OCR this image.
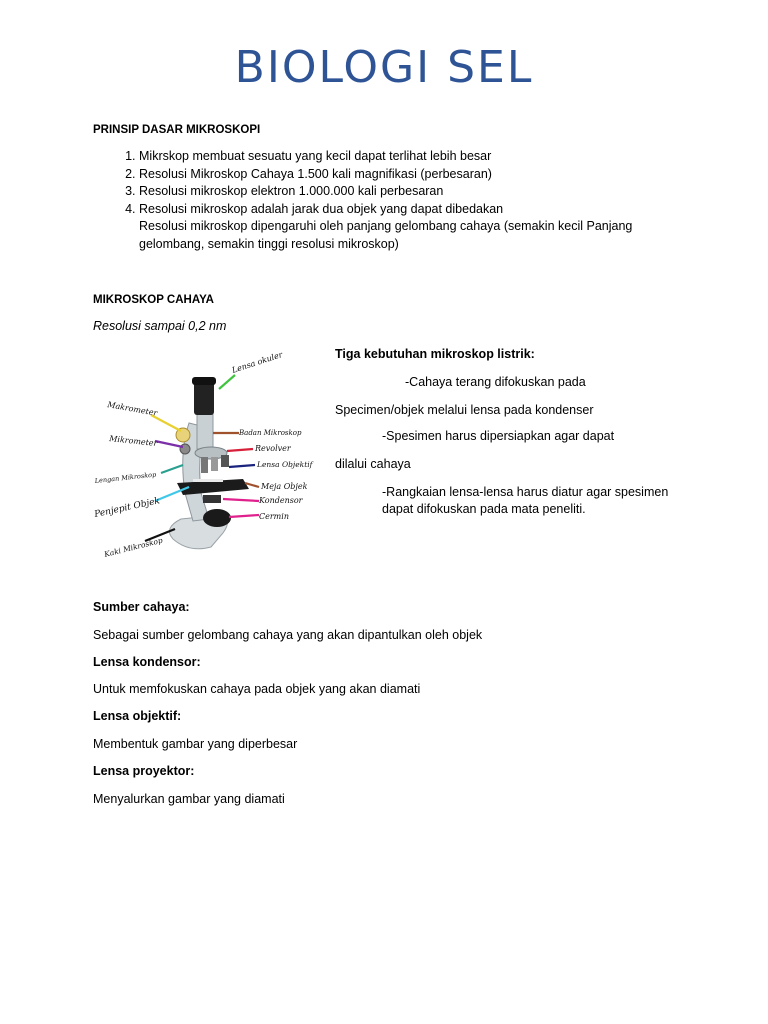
BIOLOGI SEL
PRINSIP DASAR MIKROSKOPI
1. Mikrskop membuat sesuatu yang kecil dapat terlihat lebih besar
2. Resolusi Mikroskop Cahaya 1.500 kali magnifikasi (perbesaran)
3. Resolusi mikroskop elektron 1.000.000 kali perbesaran
4. Resolusi mikroskop adalah jarak dua objek yang dapat dibedakan
Resolusi mikroskop dipengaruhi oleh panjang gelombang cahaya (semakin kecil Panjang
gelombang, semakin tinggi resolusi mikroskop)
MIKROSKOP CAHAYA
Resolusi sampai 0,2 nm
Lensa okuler
Makrometer
Badan Mikroskop
Mikrometer
Revolver
Lengan Mikroskop
Lensa Objektif
Meja Objek
Penjepit Objek	Kondensor
Cermin
Kaki Mikroskop
Tiga kebutuhan mikroskop listrik:
-Cahaya terang difokuskan pada
Specimen/objek melalui lensa pada kondenser
-Spesimen harus dipersiapkan agar dapat
dilalui cahaya
-Rangkaian lensa-lensa harus diatur agar spesimen
dapat difokuskan pada mata peneliti.
Sumber cahaya:
Sebagai sumber gelombang cahaya yang akan dipantulkan oleh objek
Lensa kondensor:
Untuk memfokuskan cahaya pada objek yang akan diamati
Lensa objektif:
Membentuk gambar yang diperbesar
Lensa proyektor:
Menyalurkan gambar yang diamati
